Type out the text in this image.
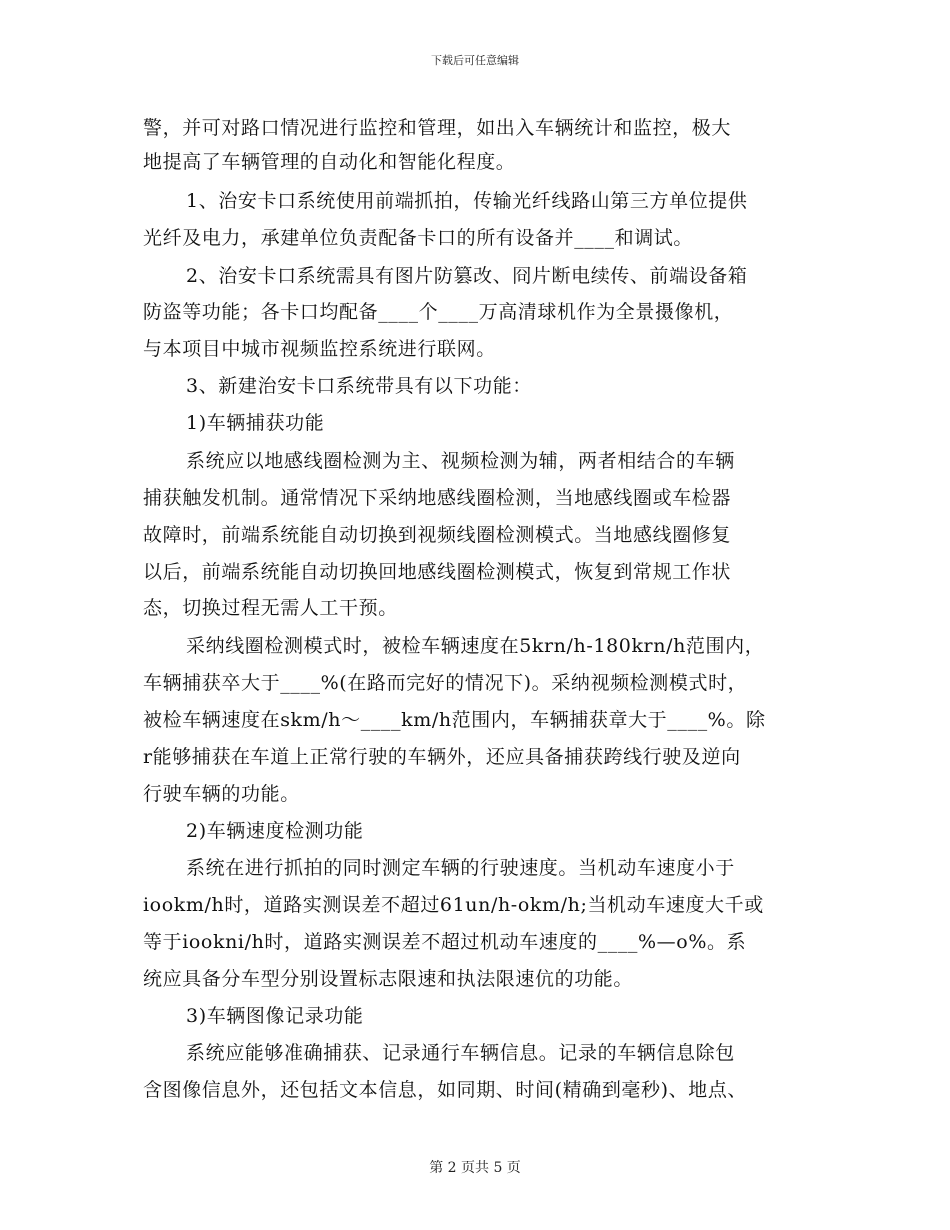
下载后可任意编辑

警，并可对路口情况进行监控和管理，如出入车辆统计和监控，极大

地提高了车辆管理的自动化和智能化程度。

1、治安卡口系统使用前端抓拍，传输光纤线路山第三方单位提供

光纤及电力，承建单位负责配备卡口的所有设备并____和调试。

2、治安卡口系统需具有图片防篡改、冏片断电续传、前端设备箱

防盗等功能；各卡口均配备____个____万高清球机作为全景摄像机，

与本项目中城市视频监控系统进行联网。

3、新建治安卡口系统带具有以下功能：

1)车辆捕获功能

系统应以地感线圈检测为主、视频检测为辅，两者相结合的车辆

捕获触发机制。通常情况下采纳地感线圈检测，当地感线圈或车检器

故障时，前端系统能自动切换到视频线圈检测模式。当地感线圈修复

以后，前端系统能自动切换回地感线圈检测模式，恢复到常规工作状

态，切换过程无需人工干预。

采纳线圈检测模式时，被检车辆速度在5krn/h-180krn/h范围内，

车辆捕获卒大于____%(在路而完好的情况下)。采纳视频检测模式时，

被检车辆速度在skm/h～____km/h范围内，车辆捕获章大于____%。除

r能够捕获在车道上正常行驶的车辆外，还应具备捕获跨线行驶及逆向

行驶车辆的功能。

2)车辆速度检测功能

系统在进行抓拍的同时测定车辆的行驶速度。当机动车速度小于

iookm/h时，道路实测误差不超过61un/h-okm/h;当机动车速度大千或

等于iookni/h时，道路实测误差不超过机动车速度的____%—o%。系

统应具备分车型分别设置标志限速和执法限速伉的功能。

3)车辆图像记录功能

系统应能够准确捕获、记录通行车辆信息。记录的车辆信息除包

含图像信息外，还包括文本信息，如同期、时间(精确到毫秒)、地点、

第 2 页共 5 页
